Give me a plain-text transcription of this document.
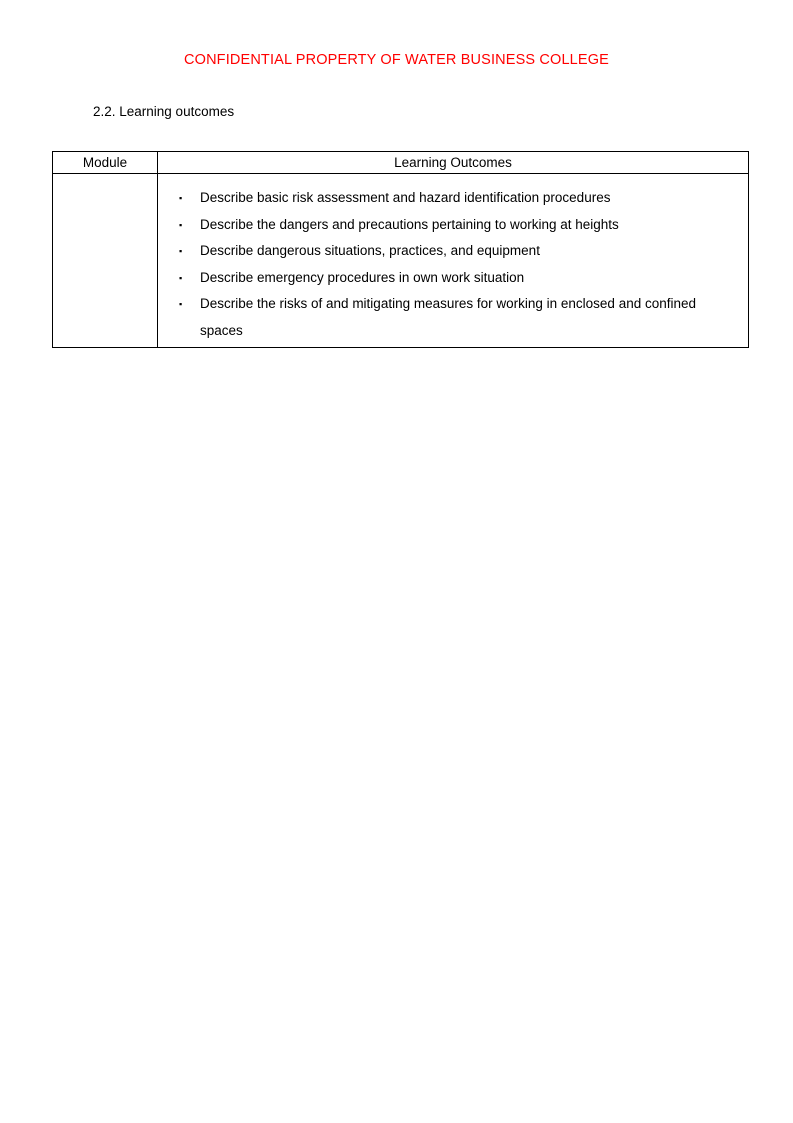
CONFIDENTIAL PROPERTY OF WATER BUSINESS COLLEGE
2.2. Learning outcomes
Module	Learning Outcomes

▪ Describe basic risk assessment and hazard identification procedures
▪ Describe the dangers and precautions pertaining to working at heights
▪ Describe dangerous situations, practices, and equipment
▪ Describe emergency procedures in own work situation
▪ Describe the risks of and mitigating measures for working in enclosed and confined spaces
